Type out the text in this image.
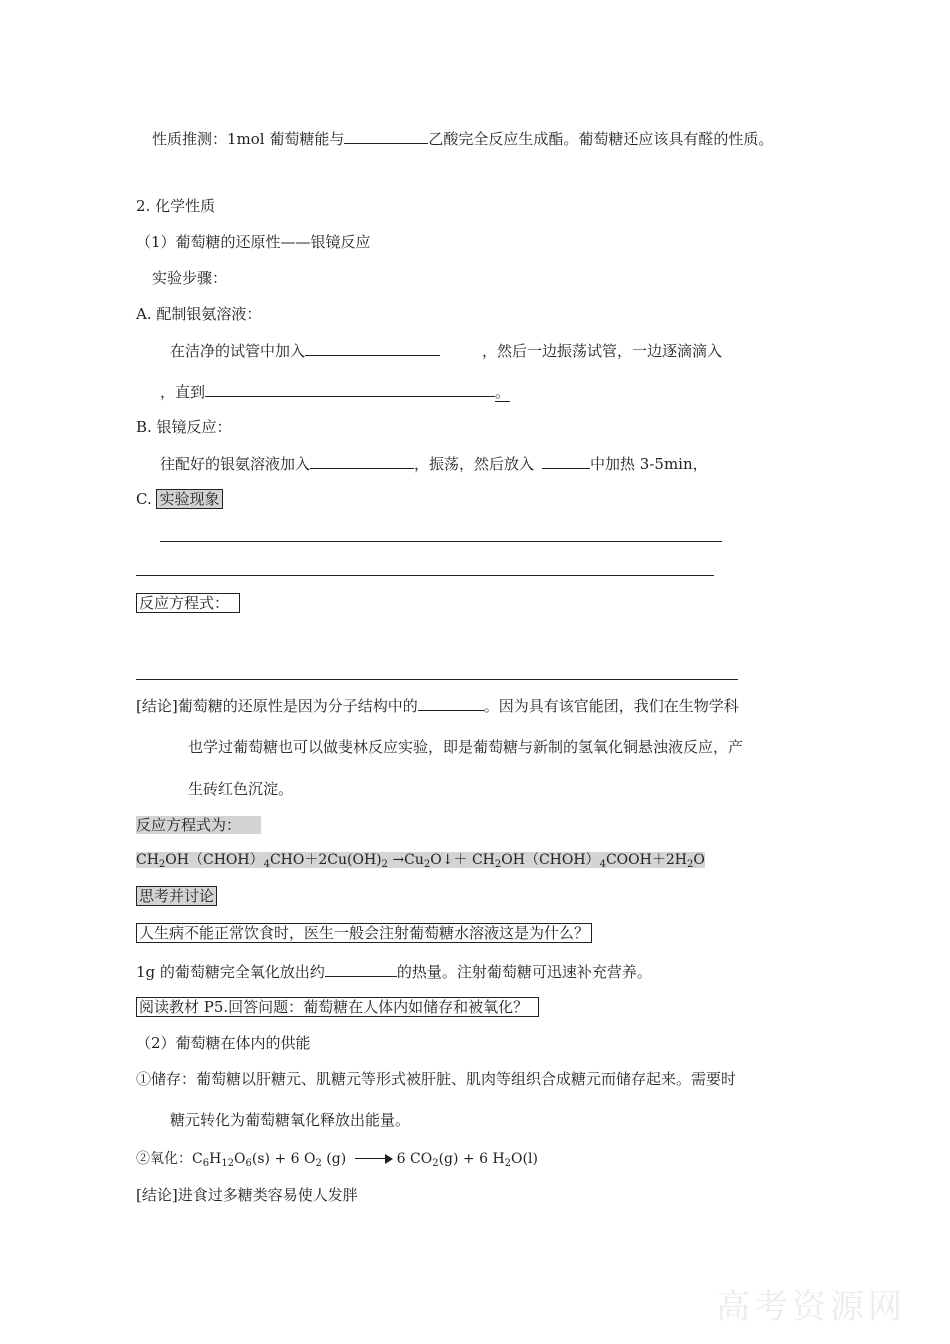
性质推测：1mol 葡萄糖能与	乙酸完全反应生成酯。葡萄糖还应该具有醛的性质。
2. 化学性质
（1）葡萄糖的还原性——银镜反应
实验步骤：
A. 配制银氨溶液：
在洁净的试管中加入	，然后一边振荡试管，一边逐滴滴入
，直到	。
B. 银镜反应：
往配好的银氨溶液加入	，振荡，然后放入	中加热 3-5min，
C. 实验现象
反应方程式：
[结论]葡萄糖的还原性是因为分子结构中的	。因为具有该官能团，我们在生物学科
也学过葡萄糖也可以做斐林反应实验，即是葡萄糖与新制的氢氧化铜悬浊液反应，产
生砖红色沉淀。
反应方程式为：
$CH_2OH(CHOH)_4CHO+2Cu(OH)_2$ $\to Cu_2O↓+$ $CH_2OH(CHOH)_4COOH+2H_2O$
思考并讨论
人生病不能正常饮食时，医生一般会注射葡萄糖水溶液这是为什么？
1g 的葡萄糖完全氧化放出约	的热量。注射葡萄糖可迅速补充营养。
阅读教材 P5.回答问题：葡萄糖在人体内如储存和被氧化？
（2）葡萄糖在体内的供能
①储存：葡萄糖以肝糖元、肌糖元等形式被肝脏、肌肉等组织合成糖元而储存起来。需要时
糖元转化为葡萄糖氧化释放出能量。
②氧化：$C_6H_{12}O_6(s) + 6$ $O_2$ (g)	6 $CO_2(g) + 6$ $H_2O(l)$
[结论]进食过多糖类容易使人发胖
高考资源网
